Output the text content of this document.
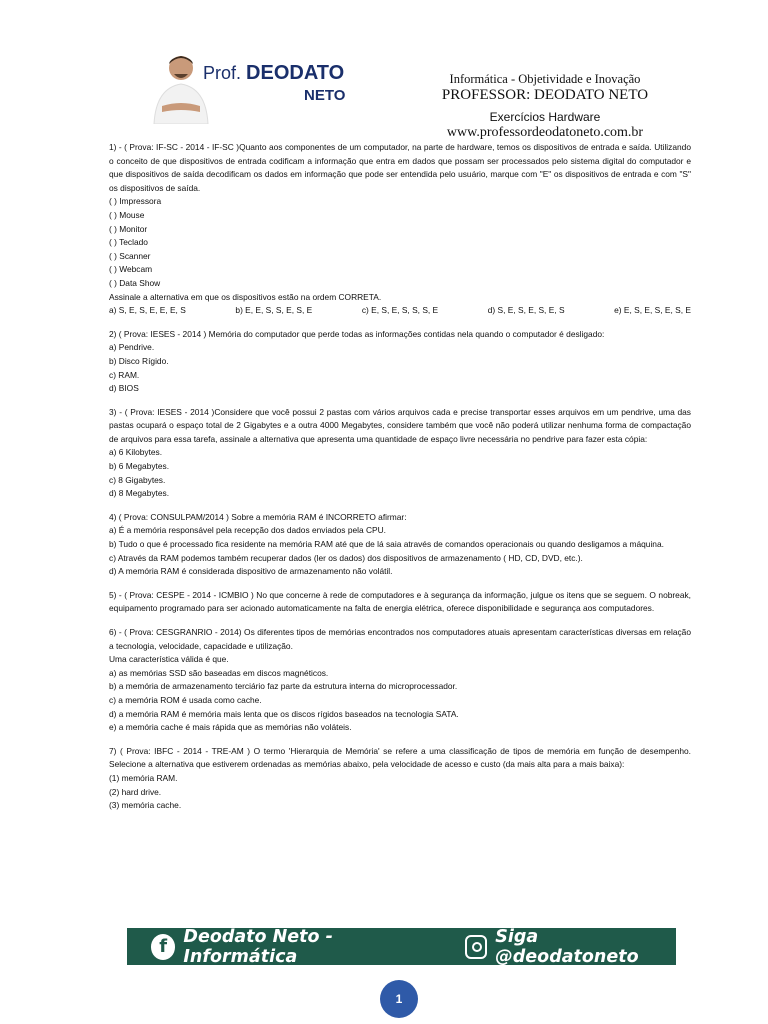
Prof. DEODATO
NETO
Informática - Objetividade e Inovação
PROFESSOR: DEODATO NETO
Exercícios Hardware
www.professordeodatoneto.com.br

1) - ( Prova: IF-SC - 2014 - IF-SC )Quanto aos componentes de um computador, na parte de hardware, temos os dispositivos de entrada e saída. Utilizando o conceito de que dispositivos de entrada codificam a informação que entra em dados que possam ser processados pelo sistema digital do computador e que dispositivos de saída decodificam os dados em informação que pode ser entendida pelo usuário, marque com "E" os dispositivos de entrada e com "S" os dispositivos de saída.

( ) Impressora

( ) Mouse

( ) Monitor

( ) Teclado

( ) Scanner

( ) Webcam

( ) Data Show

Assinale a alternativa em que os dispositivos estão na ordem CORRETA.

a) S, E, S, E, E, E, S	b) E, E, S, S, E, S, E	c) E, S, E, S, S, S, E	d) S, E, S, E, S, E, S	e) E, S, E, S, E, S, E

2) ( Prova: IESES - 2014 ) Memória do computador que perde todas as informações contidas nela quando o computador é desligado:

a) Pendrive.

b) Disco Rígido.

c) RAM.

d) BIOS

3) - ( Prova: IESES - 2014 )Considere que você possui 2 pastas com vários arquivos cada e precise transportar esses arquivos em um pendrive, uma das pastas ocupará o espaço total de 2 Gigabytes e a outra 4000 Megabytes, considere também que você não poderá utilizar nenhuma forma de compactação de arquivos para essa tarefa, assinale a alternativa que apresenta uma quantidade de espaço livre necessária no pendrive para fazer esta cópia:

a) 6 Kilobytes.

b) 6 Megabytes.

c) 8 Gigabytes.

d) 8 Megabytes.

4) ( Prova: CONSULPAM/2014 ) Sobre a memória RAM é INCORRETO afirmar:

a) É a memória responsável pela recepção dos dados enviados pela CPU.

b) Tudo o que é processado fica residente na memória RAM até que de lá saia através de comandos operacionais ou quando desligamos a máquina.

c) Através da RAM podemos também recuperar dados (ler os dados) dos dispositivos de armazenamento ( HD, CD, DVD, etc.).

d) A memória RAM é considerada dispositivo de armazenamento não volátil.

5) - ( Prova: CESPE - 2014 - ICMBIO ) No que concerne à rede de computadores e à segurança da informação, julgue os itens que se seguem. O nobreak, equipamento programado para ser acionado automaticamente na falta de energia elétrica, oferece disponibilidade e segurança aos computadores.

6) - ( Prova: CESGRANRIO - 2014) Os diferentes tipos de memórias encontrados nos computadores atuais apresentam características diversas em relação a tecnologia, velocidade, capacidade e utilização.

Uma característica válida é que.

a) as memórias SSD são baseadas em discos magnéticos.

b) a memória de armazenamento terciário faz parte da estrutura interna do microprocessador.

c) a memória ROM é usada como cache.

d) a memória RAM é memória mais lenta que os discos rígidos baseados na tecnologia SATA.

e) a memória cache é mais rápida que as memórias não voláteis.

7) ( Prova: IBFC - 2014 - TRE-AM ) O termo 'Hierarquia de Memória' se refere a uma classificação de tipos de memória em função de desempenho. Selecione a alternativa que estiverem ordenadas as memórias abaixo, pela velocidade de acesso e custo (da mais alta para a mais baixa):

(1) memória RAM.

(2) hard drive.

(3) memória cache.

f Deodato Neto - Informática
Siga @deodatoneto
1
